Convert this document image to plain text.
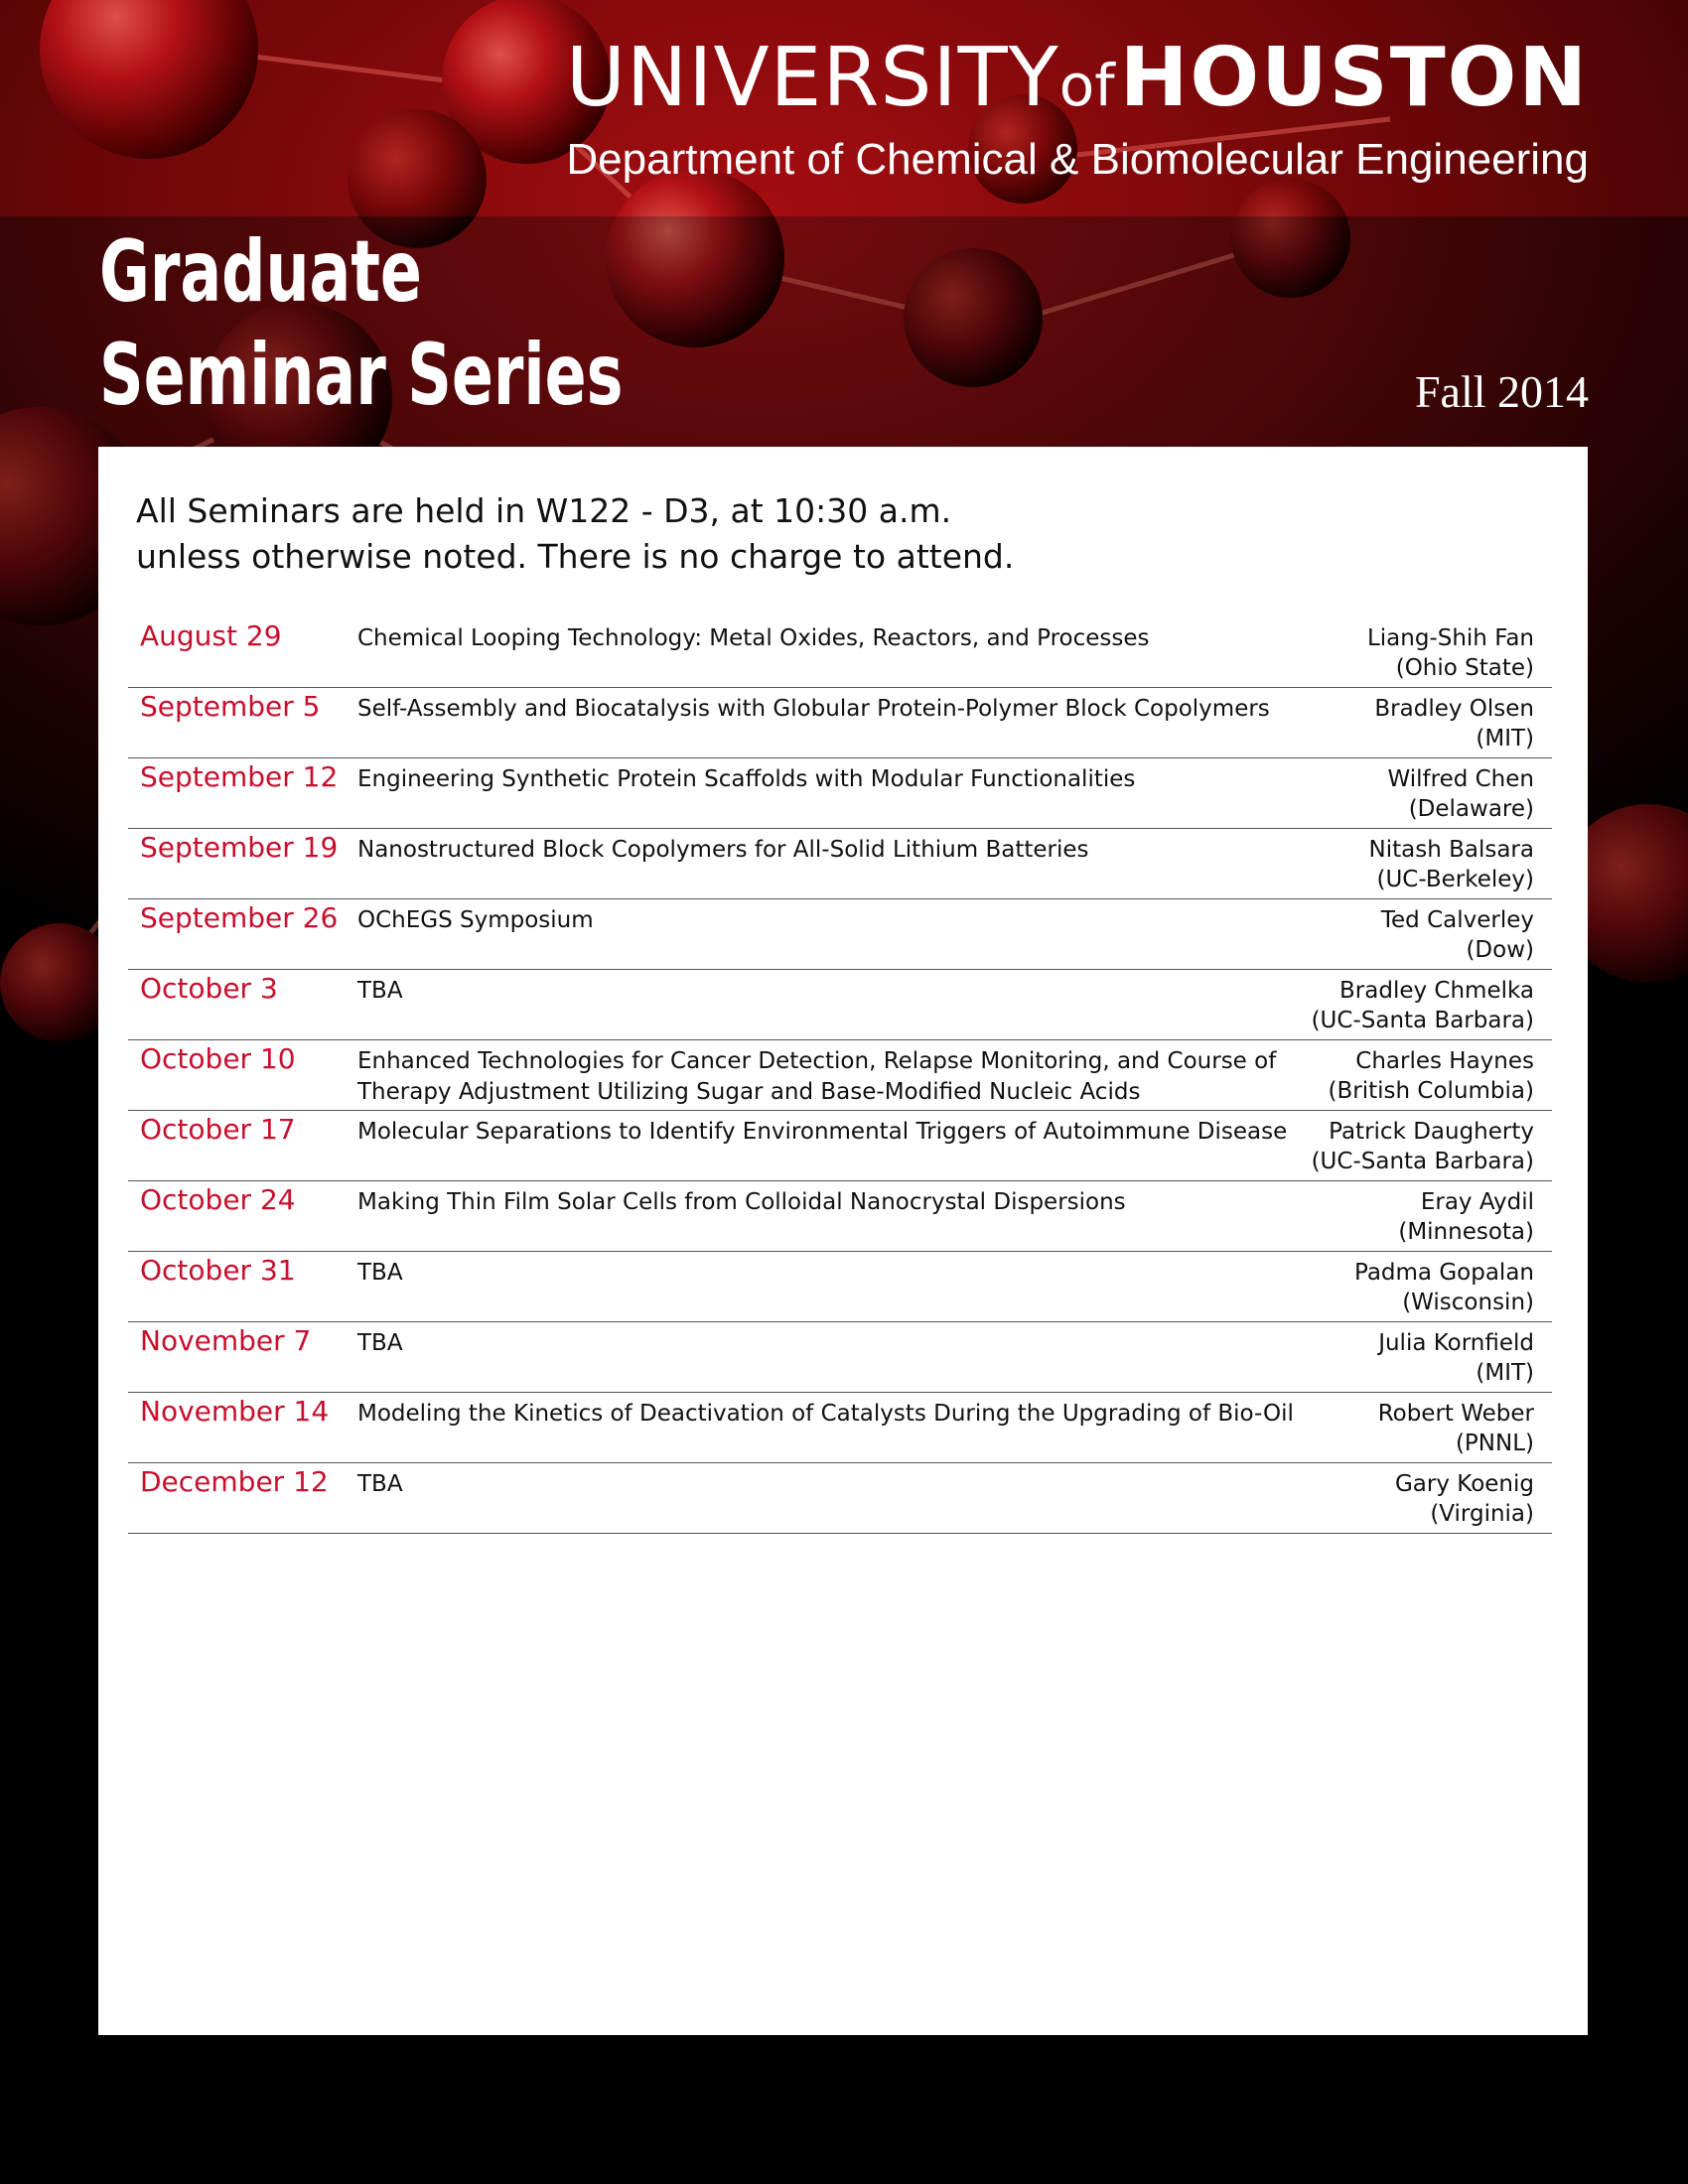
UNIVERSITYof HOUSTON
Department of Chemical & Biomolecular Engineering
Graduate
Seminar Series	Fall 2014
All Seminars are held in W122 - D3, at 10:30 a.m.
unless otherwise noted. There is no charge to attend.
August 29	Chemical Looping Technology: Metal Oxides, Reactors, and Processes	Liang-Shih Fan
(Ohio State)
September 5 Self-Assembly and Biocatalysis with Globular Protein-Polymer Block Copolymers	Bradley Olsen
(MIT)
September 12 Engineering Synthetic Protein Scaffolds with Modular Functionalities	Wilfred Chen
(Delaware)
September 19 Nanostructured Block Copolymers for All-Solid Lithium Batteries	Nitash Balsara
(UC-Berkeley)
September 26 OChEGS Symposium	Ted Calverley
(Dow)
October 3	TBA	Bradley Chmelka
(UC-Santa Barbara)
October 10	Enhanced Technologies for Cancer Detection, Relapse Monitoring, and Course of Therapy Adjustment Utilizing Sugar and Base-Modified Nucleic Acids
Charles Haynes
(British Columbia)
October 17	Molecular Separations to Identify Environmental Triggers of Autoimmune Disease	Patrick Daugherty
(UC-Santa Barbara)
October 24	Making Thin Film Solar Cells from Colloidal Nanocrystal Dispersions	Eray Aydil
(Minnesota)
October 31	TBA	Padma Gopalan
(Wisconsin)
November 7 TBA	Julia Kornfield
(MIT)
November 14 Modeling the Kinetics of Deactivation of Catalysts During the Upgrading of Bio-Oil	Robert Weber
(PNNL)
December 12 TBA	Gary Koenig
(Virginia)
